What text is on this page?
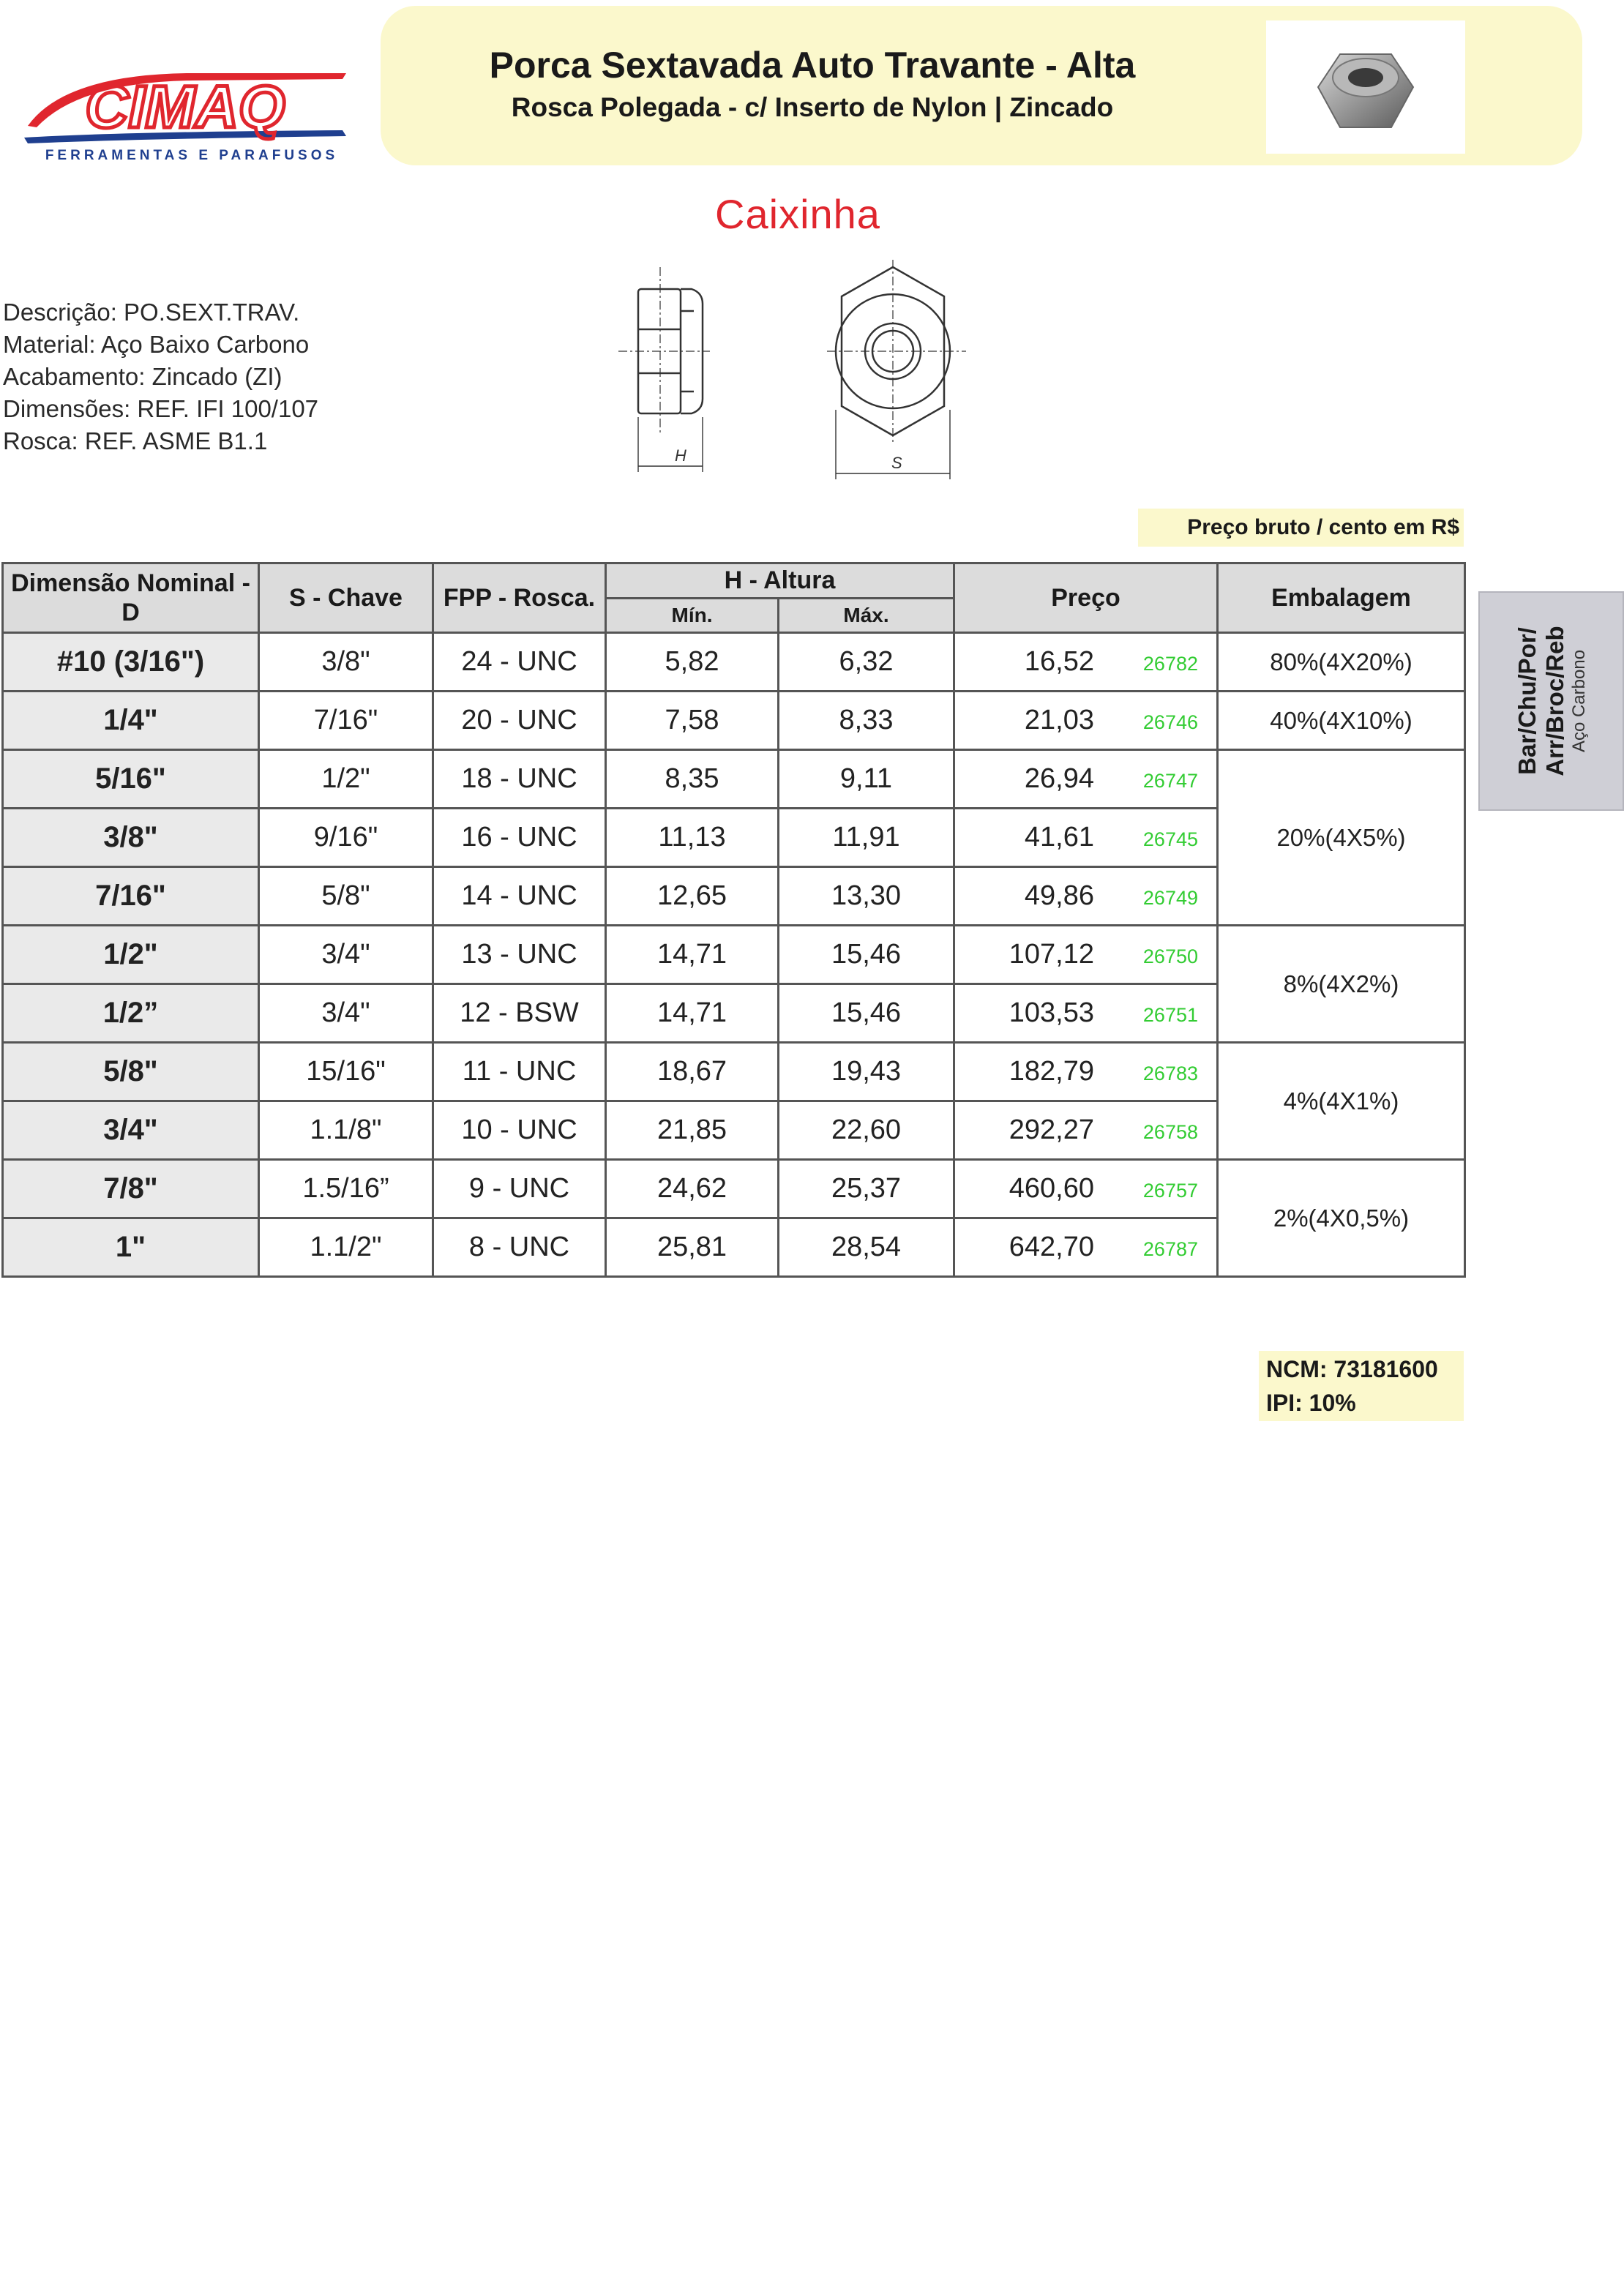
CIMAQ
FERRAMENTAS E PARAFUSOS
Porca Sextavada Auto Travante - Alta
Rosca Polegada - c/ Inserto de Nylon | Zincado
Caixinha
Descrição: PO.SEXT.TRAV.
Material: Aço Baixo Carbono
Acabamento: Zincado (ZI)
Dimensões: REF. IFI 100/107
Rosca: REF. ASME B1.1
H	S
Preço bruto / cento em R$
Bar/Chu/Por/ Arr/Broc/Reb Aço Carbono
Dimensão Nominal - D	S - Chave	FPP - Rosca.	H - Altura		Preço	Embalagem
			Mín.	Máx.		
#10 (3/16")	3/8"	24 - UNC	5,82	6,32	16,52 26782	80%(4X20%)
1/4"	7/16"	20 - UNC	7,58	8,33	21,03 26746	40%(4X10%)
5/16"	1/2"	18 - UNC	8,35	9,11	26,94 26747	20%(4X5%)
3/8"	9/16"	16 - UNC	11,13	11,91	41,61 26745	
7/16"	5/8"	14 - UNC	12,65	13,30	49,86 26749	
1/2"	3/4"	13 - UNC	14,71	15,46	107,12 26750	8%(4X2%)
1/2”	3/4"	12 - BSW	14,71	15,46	103,53 26751	
5/8"	15/16"	11 - UNC	18,67	19,43	182,79 26783	4%(4X1%)
3/4"	1.1/8"	10 - UNC	21,85	22,60	292,27 26758	
7/8"	1.5/16”	9 - UNC	24,62	25,37	460,60 26757	2%(4X0,5%)
1"	1.1/2"	8 - UNC	25,81	28,54	642,70 26787	
NCM: 73181600
IPI: 10%
